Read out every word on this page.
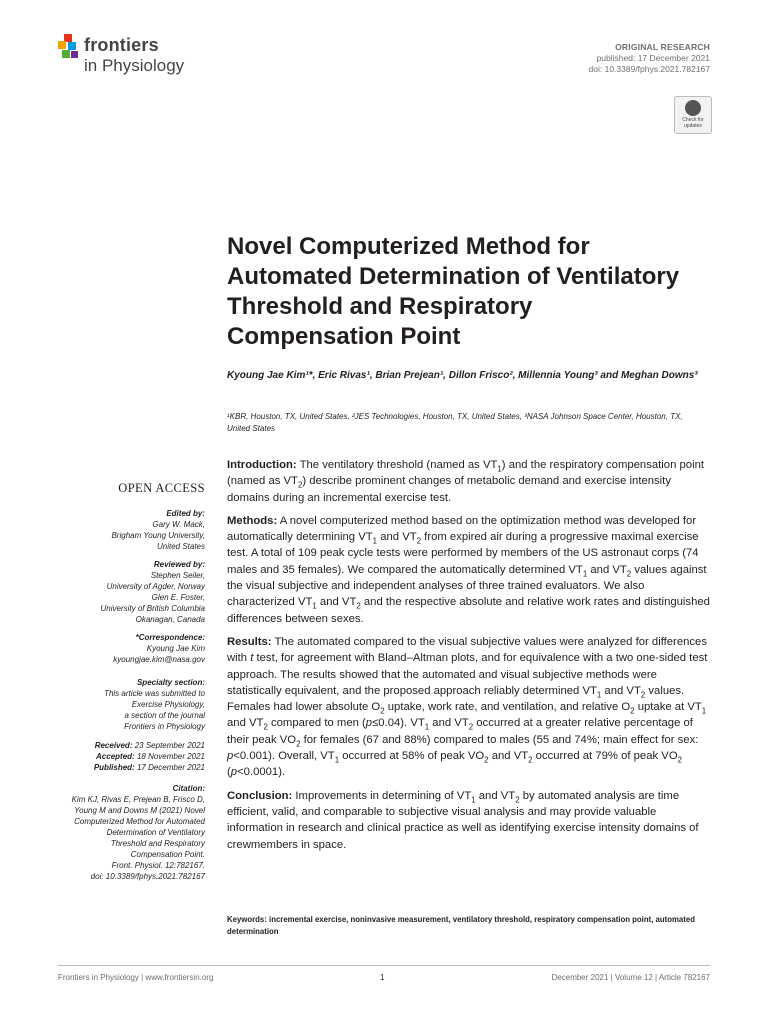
frontiers
in Physiology
ORIGINAL RESEARCH
published: 17 December 2021
doi: 10.3389/fphys.2021.782167
Check for
updates
Novel Computerized Method for Automated Determination of Ventilatory Threshold and Respiratory Compensation Point
Kyoung Jae Kim¹*, Eric Rivas¹, Brian Prejean¹, Dillon Frisco², Millennia Young³ and Meghan Downs³
¹KBR, Houston, TX, United States, ²JES Technologies, Houston, TX, United States, ³NASA Johnson Space Center, Houston, TX, United States
OPEN ACCESS
Edited by:
Gary W. Mack,
Brigham Young University,
United States
Reviewed by:
Stephen Seiler,
University of Agder, Norway
Glen E. Foster,
University of British Columbia
Okanagan, Canada
*Correspondence:
Kyoung Jae Kim
kyoungjae.kim@nasa.gov
Specialty section:
This article was submitted to
Exercise Physiology,
a section of the journal
Frontiers in Physiology
Received: 23 September 2021
Accepted: 18 November 2021
Published: 17 December 2021
Citation:
Kim KJ, Rivas E, Prejean B, Frisco D,
Young M and Downs M (2021) Novel
Computerized Method for Automated
Determination of Ventilatory
Threshold and Respiratory
Compensation Point.
Front. Physiol. 12:782167.
doi: 10.3389/fphys.2021.782167

Introduction: The ventilatory threshold (named as $VT_1$) and the respiratory compensation point (named as $VT_2$) describe prominent changes of metabolic demand and exercise intensity domains during an incremental exercise test.

Methods: A novel computerized method based on the optimization method was developed for automatically determining $VT_1$ and $VT_2$ from expired air during a progressive maximal exercise test. A total of 109 peak cycle tests were performed by members of the US astronaut corps (74 males and 35 females). We compared the automatically determined $VT_1$ and $VT_2$ values against the visual subjective and independent analyses of three trained evaluators. We also characterized $VT_1$ and $VT_2$ and the respective absolute and relative work rates and distinguished differences between sexes.

Results: The automated compared to the visual subjective values were analyzed for differences with t test, for agreement with Bland–Altman plots, and for equivalence with a two one-sided test approach. The results showed that the automated and visual subjective methods were statistically equivalent, and the proposed approach reliably determined $VT_1$ and $VT_2$ values. Females had lower absolute $O_2$ uptake, work rate, and ventilation, and relative $O_2$ uptake at $VT_1$ and $VT_2$ compared to men (p≤0.04). $VT_1$ and $VT_2$ occurred at a greater relative percentage of their peak $VO_2$ for females (67 and 88%) compared to males (55 and 74%; main effect for sex: p<0.001). Overall, $VT_1$ occurred at 58% of peak $VO_2$ and $VT_2$ occurred at 79% of peak $VO_2$ (p<0.0001).

Conclusion: Improvements in determining of $VT_1$ and $VT_2$ by automated analysis are time efficient, valid, and comparable to subjective visual analysis and may provide valuable information in research and clinical practice as well as identifying exercise intensity domains of crewmembers in space.

Keywords: incremental exercise, noninvasive measurement, ventilatory threshold, respiratory compensation point, automated determination
Frontiers in Physiology | www.frontiersin.org	1	December 2021 | Volume 12 | Article 782167
